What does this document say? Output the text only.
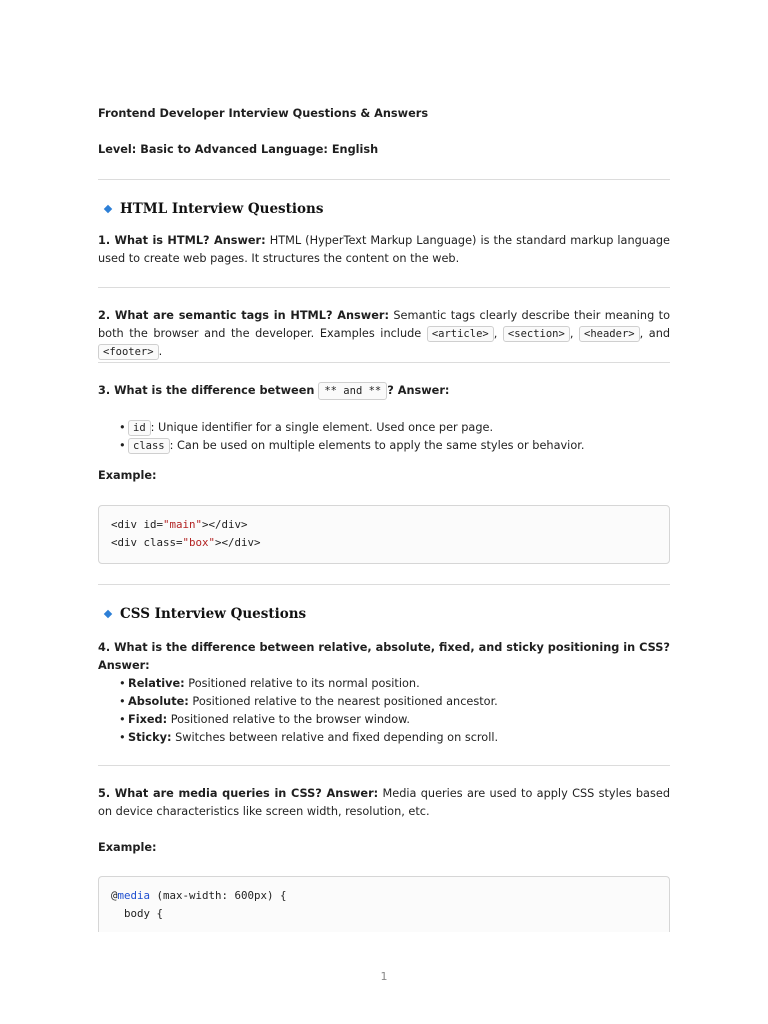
Frontend Developer Interview Questions & Answers
Level: Basic to Advanced Language: English
HTML Interview Questions
1. What is HTML? Answer: HTML (HyperText Markup Language) is the standard markup language used to create web pages. It structures the content on the web.
2. What are semantic tags in HTML? Answer: Semantic tags clearly describe their meaning to both the browser and the developer. Examples include <article> , <section> , <header> , and <footer> .
3. What is the difference between ** and ** ? Answer:
• id : Unique identifier for a single element. Used once per page.
• class : Can be used on multiple elements to apply the same styles or behavior.
Example:
<div id="main"></div>
<div class="box"></div>
CSS Interview Questions
4. What is the difference between relative, absolute, fixed, and sticky positioning in CSS? Answer:
• Relative: Positioned relative to its normal position.
• Absolute: Positioned relative to the nearest positioned ancestor.
• Fixed: Positioned relative to the browser window.
• Sticky: Switches between relative and fixed depending on scroll.
5. What are media queries in CSS? Answer: Media queries are used to apply CSS styles based on device characteristics like screen width, resolution, etc.
Example:
@media (max-width: 600px) {
body {
1
